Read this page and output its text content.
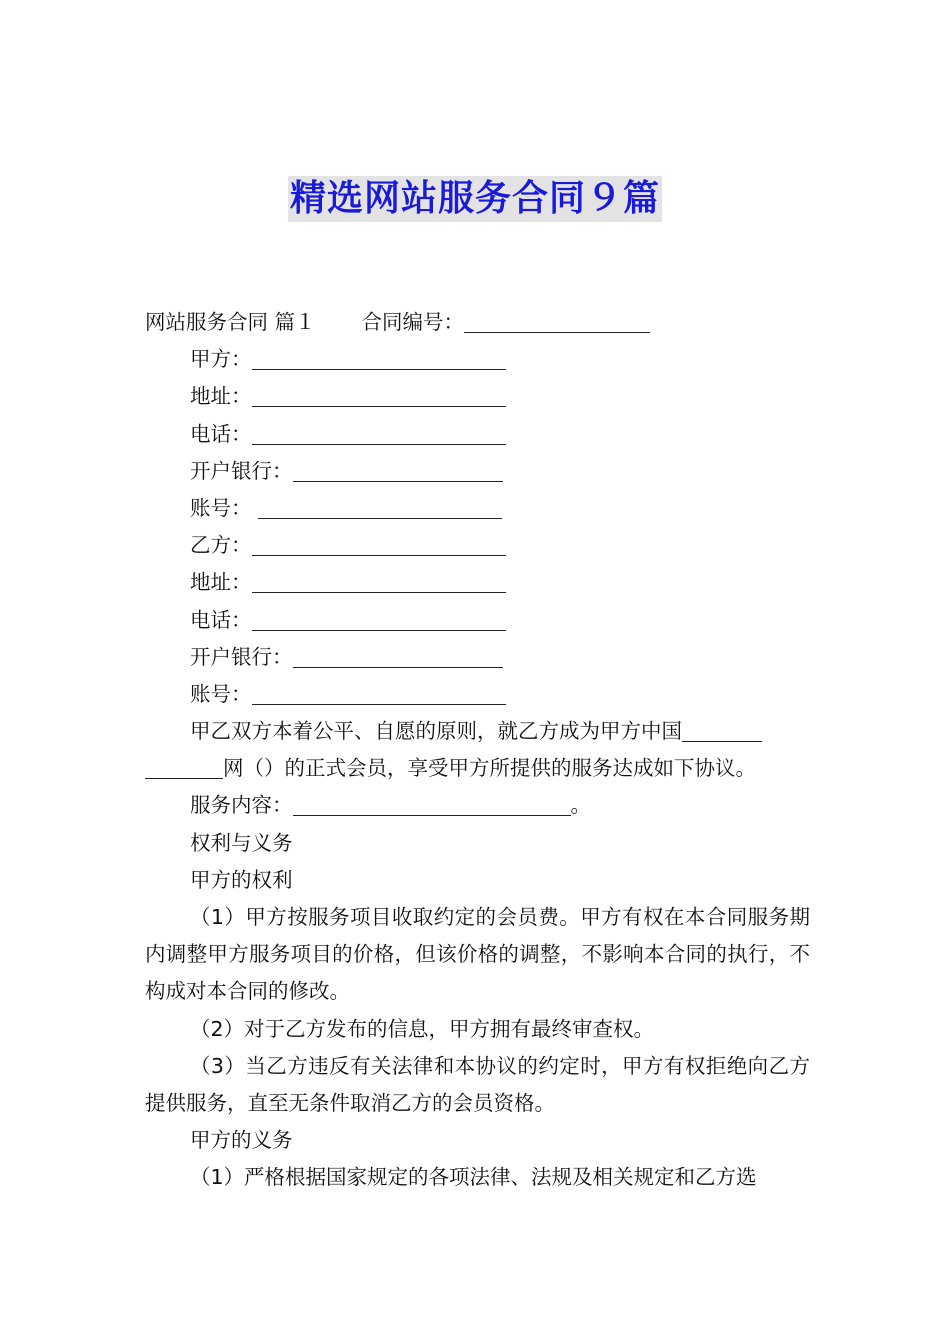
精选网站服务合同９篇
网站服务合同 篇１ 合同编号：
甲方：
地址：
电话：
开户银行：
账号：
乙方：
地址：
电话：
开户银行：
账号：
甲乙双方本着公平、自愿的原则，就乙方成为甲方中国
网（）的正式会员，享受甲方所提供的服务达成如下协议。
服务内容：	。
权利与义务
甲方的权利
（1）甲方按服务项目收取约定的会员费。甲方有权在本合同服务期内调整甲方服务项目的价格，但该价格的调整，不影响本合同的执行，不构成对本合同的修改。
（2）对于乙方发布的信息，甲方拥有最终审查权。
（3）当乙方违反有关法律和本协议的约定时，甲方有权拒绝向乙方提供服务，直至无条件取消乙方的会员资格。
甲方的义务
（1）严格根据国家规定的各项法律、法规及相关规定和乙方选
